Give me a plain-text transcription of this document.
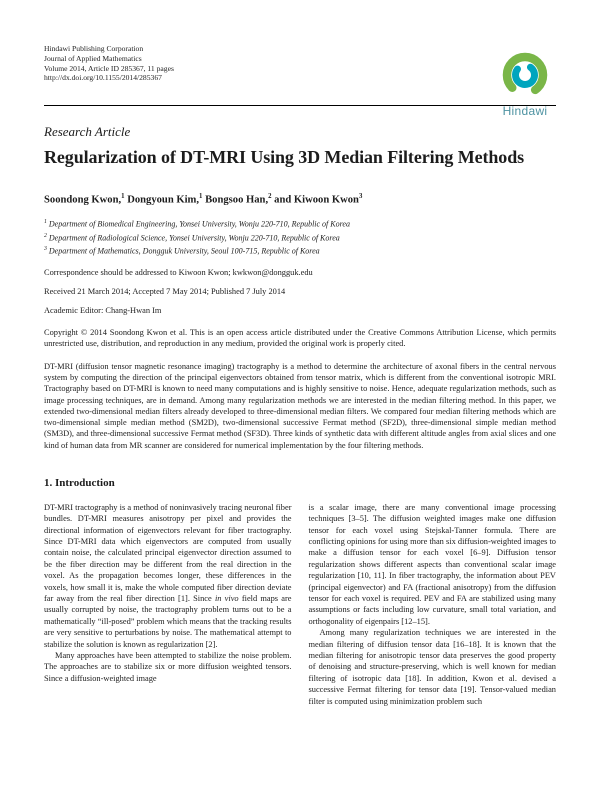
Hindawi Publishing Corporation
Journal of Applied Mathematics
Volume 2014, Article ID 285367, 11 pages
http://dx.doi.org/10.1155/2014/285367
Hindawi
Research Article
Regularization of DT-MRI Using 3D Median Filtering Methods

Soondong Kwon,$^1$ Dongyoun Kim,$^1$ Bongsoo Han,$^2$ and Kiwoon Kwon$^3$

$^1$ Department of Biomedical Engineering, Yonsei University, Wonju 220-710, Republic of Korea
$^2$ Department of Radiological Science, Yonsei University, Wonju 220-710, Republic of Korea
$^3$ Department of Mathematics, Dongguk University, Seoul 100-715, Republic of Korea

Correspondence should be addressed to Kiwoon Kwon; kwkwon@dongguk.edu

Received 21 March 2014; Accepted 7 May 2014; Published 7 July 2014

Academic Editor: Chang-Hwan Im

Copyright © 2014 Soondong Kwon et al. This is an open access article distributed under the Creative Commons Attribution License, which permits unrestricted use, distribution, and reproduction in any medium, provided the original work is properly cited.

DT-MRI (diffusion tensor magnetic resonance imaging) tractography is a method to determine the architecture of axonal fibers in the central nervous system by computing the direction of the principal eigenvectors obtained from tensor matrix, which is different from the conventional isotropic MRI. Tractography based on DT-MRI is known to need many computations and is highly sensitive to noise. Hence, adequate regularization methods, such as image processing techniques, are in demand. Among many regularization methods we are interested in the median filtering method. In this paper, we extended two-dimensional median filters already developed to three-dimensional median filters. We compared four median filtering methods which are two-dimensional simple median method (SM2D), two-dimensional successive Fermat method (SF2D), three-dimensional simple median method (SM3D), and three-dimensional successive Fermat method (SF3D). Three kinds of synthetic data with different altitude angles from axial slices and one kind of human data from MR scanner are considered for numerical implementation by the four filtering methods.

1. Introduction

DT-MRI tractography is a method of noninvasively tracing neuronal fiber bundles. DT-MRI measures anisotropy per pixel and provides the directional information of eigenvectors relevant for fiber tractography. Since DT-MRI data which eigenvectors are computed from usually contain noise, the calculated principal eigenvector direction assumed to be the fiber direction may be different from the real direction in the voxel. As the propagation becomes longer, these differences in the voxels, how small it is, make the whole computed fiber direction deviate far away from the real fiber direction [1]. Since in vivo field maps are usually corrupted by noise, the tractography problem turns out to be a mathematically “ill-posed” problem which means that the tracking results are very sensitive to perturbations by noise. The mathematical attempt to stabilize the solution is known as regularization [2].

Many approaches have been attempted to stabilize the noise problem. The approaches are to stabilize six or more diffusion weighted tensors. Since a diffusion-weighted image

is a scalar image, there are many conventional image processing techniques [3–5]. The diffusion weighted images make one diffusion tensor for each voxel using Stejskal-Tanner formula. There are conflicting opinions for using more than six diffusion-weighted images to make a diffusion tensor for each voxel [6–9]. Diffusion tensor regularization shows different aspects than conventional scalar image regularization [10, 11]. In fiber tractography, the information about PEV (principal eigenvector) and FA (fractional anisotropy) from the diffusion tensor for each voxel is required. PEV and FA are stabilized using many assumptions or facts including low curvature, small total variation, and orthogonality of eigenpairs [12–15].

Among many regularization techniques we are interested in the median filtering of diffusion tensor data [16–18]. It is known that the median filtering for anisotropic tensor data preserves the good property of denoising and structure-preserving, which is well known for median filtering of isotropic data [18]. In addition, Kwon et al. devised a successive Fermat filtering for tensor data [19]. Tensor-valued median filter is computed using minimization problem such
